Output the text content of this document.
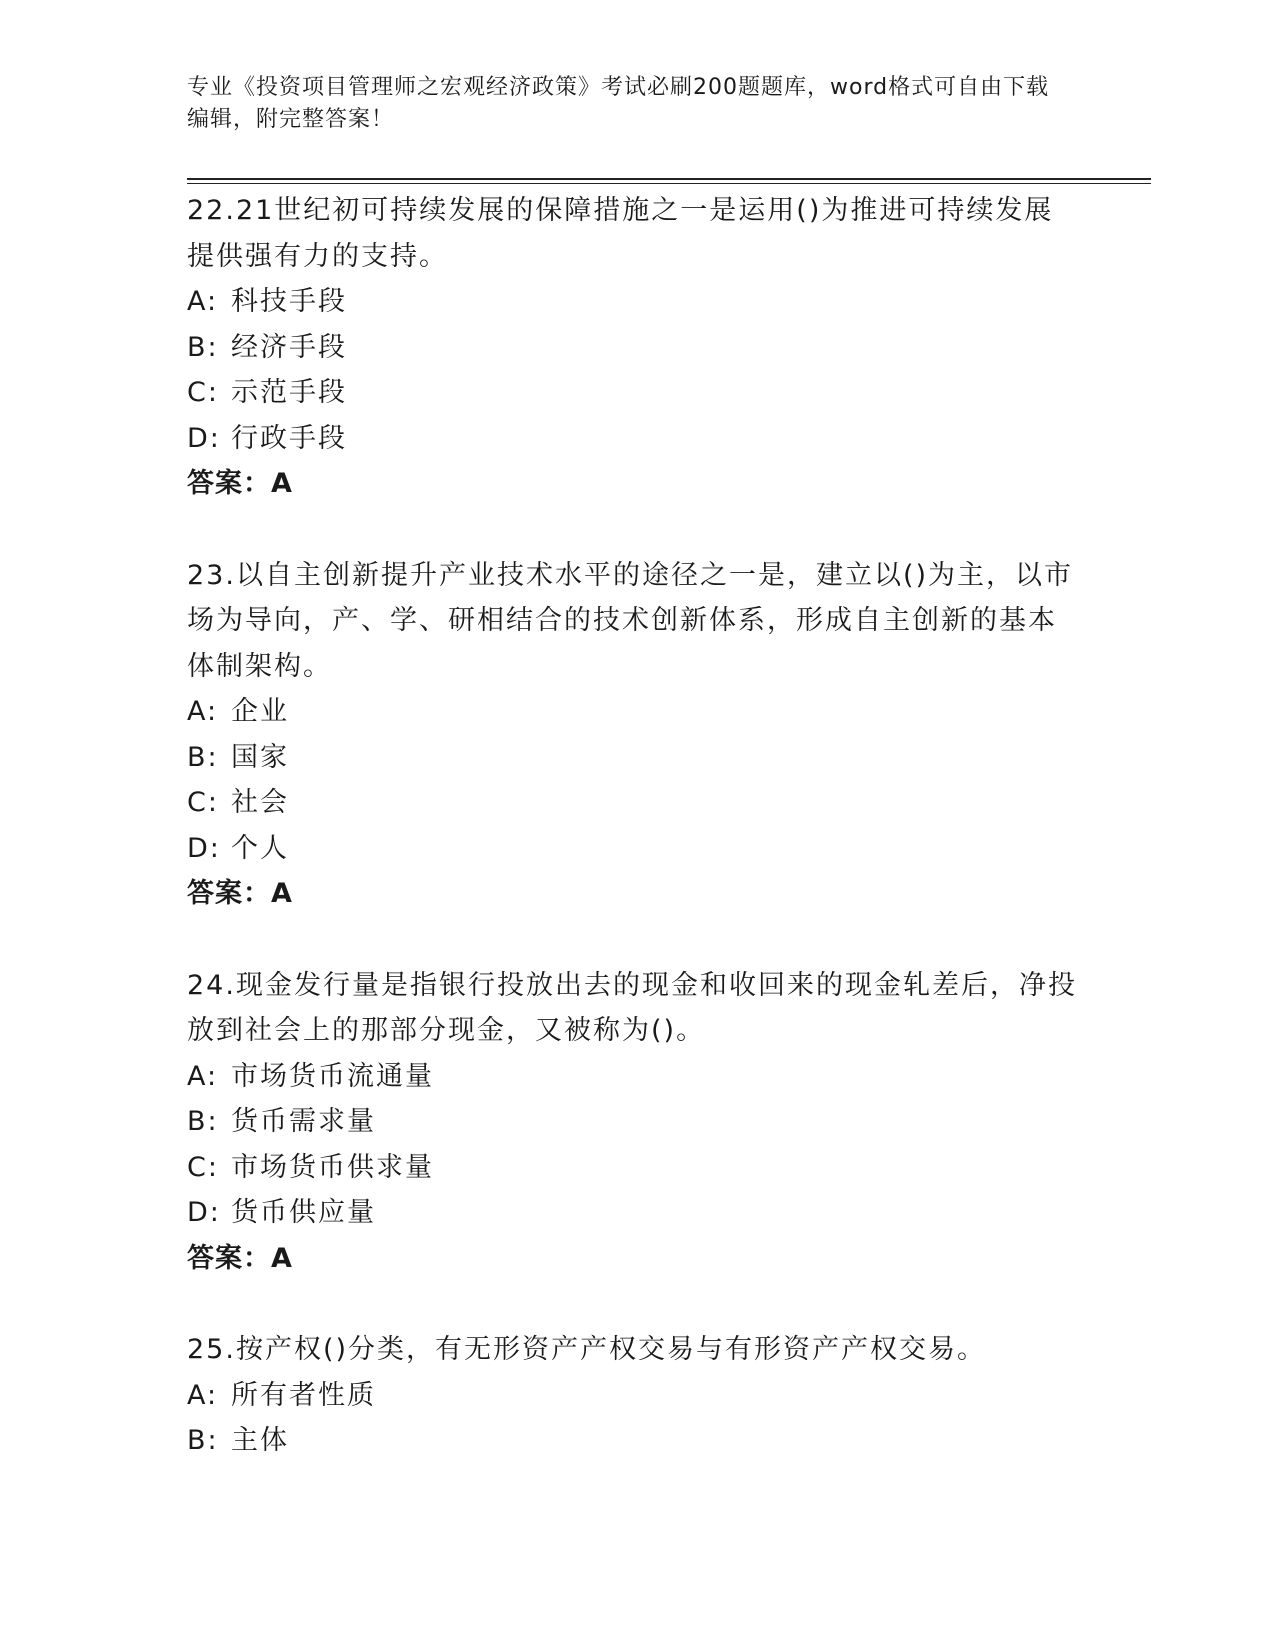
专业《投资项目管理师之宏观经济政策》考试必刷200题题库，word格式可自由下载编辑，附完整答案！

22.21世纪初可持续发展的保障措施之一是运用()为推进可持续发展提供强有力的支持。

A: 科技手段

B: 经济手段

C: 示范手段

D: 行政手段

答案：A

23.以自主创新提升产业技术水平的途径之一是，建立以()为主，以市场为导向，产、学、研相结合的技术创新体系，形成自主创新的基本体制架构。

A: 企业

B: 国家

C: 社会

D: 个人

答案：A

24.现金发行量是指银行投放出去的现金和收回来的现金轧差后，净投放到社会上的那部分现金，又被称为()。

A: 市场货币流通量

B: 货币需求量

C: 市场货币供求量

D: 货币供应量

答案：A

25.按产权()分类，有无形资产产权交易与有形资产产权交易。

A: 所有者性质

B: 主体
